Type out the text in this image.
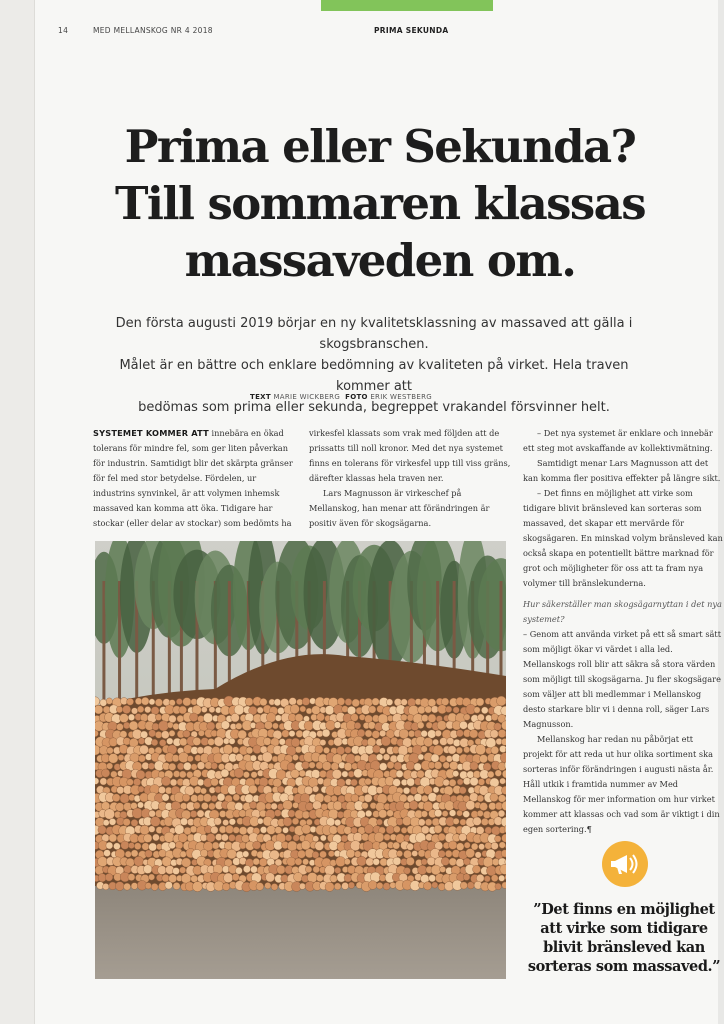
14	MED MELLANSKOG NR 4 2018	PRIMA SEKUNDA
Prima eller Sekunda?
Till sommaren klassas
massaveden om.
Den första augusti 2019 börjar en ny kvalitetsklassning av massaved att gälla i skogsbranschen.
Målet är en bättre och enklare bedömning av kvaliteten på virket. Hela traven kommer att
bedömas som prima eller sekunda, begreppet vrakandel försvinner helt.
TEXT MARIE WICKBERG FOTO ERIK WESTBERG

SYSTEMET KOMMER ATT innebära en ökad tolerans för mindre fel, som ger liten påverkan för industrin. Samtidigt blir det skärpta gränser för fel med stor betydelse. Fördelen, ur industrins synvinkel, är att volymen inhemsk massaved kan komma att öka. Tidigare har stockar (eller delar av stockar) som bedömts ha

virkesfel klassats som vrak med följden att de prissatts till noll kronor. Med det nya systemet finns en tolerans för virkesfel upp till viss gräns, därefter klassas hela traven ner.

Lars Magnusson är virkeschef på Mellanskog, han menar att förändringen är positiv även för skogsägarna.

– Det nya systemet är enklare och innebär ett steg mot avskaffande av kollektivmätning.

Samtidigt menar Lars Magnusson att det kan komma fler positiva effekter på längre sikt.

– Det finns en möjlighet att virke som tidigare blivit bränsleved kan sorteras som massaved, det skapar ett mervärde för skogsägaren. En minskad volym bränsleved kan också skapa en potentiellt bättre marknad för grot och möjligheter för oss att ta fram nya volymer till bränslekunderna.

Hur säkerställer man skogsägarnyttan i det nya systemet?

– Genom att använda virket på ett så smart sätt som möjligt ökar vi värdet i alla led. Mellanskogs roll blir att säkra så stora värden som möjligt till skogsägarna. Ju fler skogsägare som väljer att bli medlemmar i Mellanskog desto starkare blir vi i denna roll, säger Lars Magnusson.

Mellanskog har redan nu påbörjat ett projekt för att reda ut hur olika sortiment ska sorteras inför förändringen i augusti nästa år. Håll utkik i framtida nummer av Med Mellanskog för mer information om hur virket kommer att klassas och vad som är viktigt i din egen sortering.¶

”Det finns en möjlighet
att virke som tidigare
blivit bränsleved kan
sorteras som massaved.”
